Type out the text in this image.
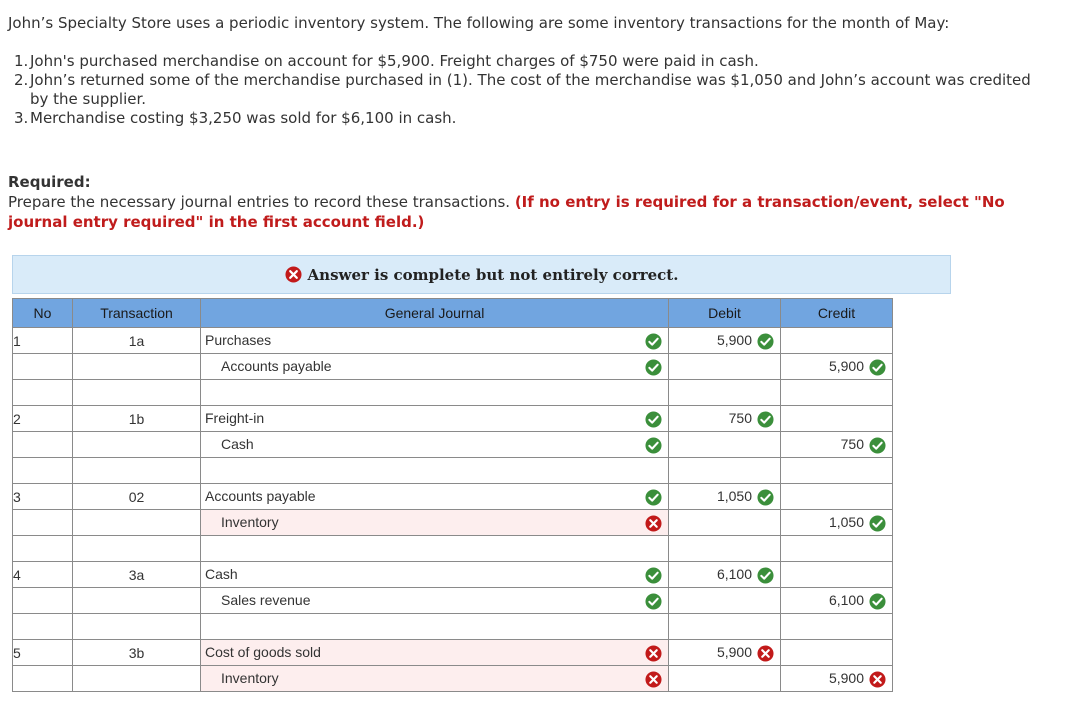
John’s Specialty Store uses a periodic inventory system. The following are some inventory transactions for the month of May:
1. John's purchased merchandise on account for $5,900. Freight charges of $750 were paid in cash.
2. John’s returned some of the merchandise purchased in (1). The cost of the merchandise was $1,050 and John’s account was credited by the supplier.
3. Merchandise costing $3,250 was sold for $6,100 in cash.
Required:
Prepare the necessary journal entries to record these transactions. (If no entry is required for a transaction/event, select "No journal entry required" in the first account field.)
Answer is complete but not entirely correct.
No	Transaction	General Journal	Debit	Credit
1	1a	Purchases	5,900	

		Accounts payable		5,900

2	1b	Freight-in	750	

		Cash		750

3	02	Accounts payable	1,050	

		Inventory		1,050

4	3a	Cash	6,100	

		Sales revenue		6,100

5	3b	Cost of goods sold	5,900	

		Inventory		5,900
